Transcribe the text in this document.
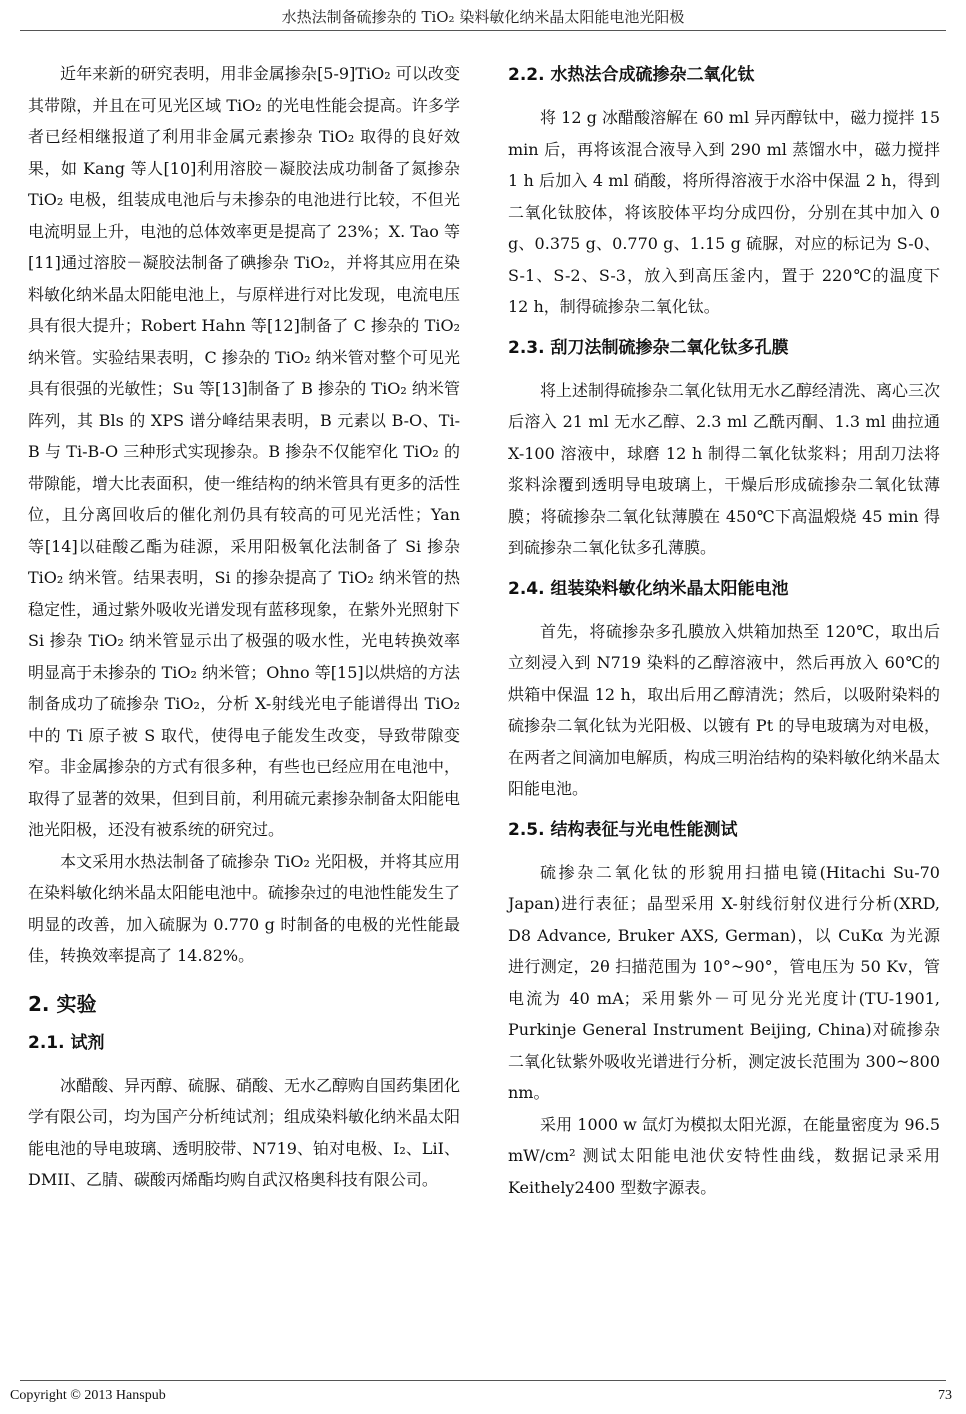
水热法制备硫掺杂的 TiO₂ 染料敏化纳米晶太阳能电池光阳极

近年来新的研究表明，用非金属掺杂[5-9]TiO₂ 可以改变其带隙，并且在可见光区域 TiO₂ 的光电性能会提高。许多学者已经相继报道了利用非金属元素掺杂 TiO₂ 取得的良好效果，如 Kang 等人[10]利用溶胶－凝胶法成功制备了氮掺杂 TiO₂ 电极，组装成电池后与未掺杂的电池进行比较，不但光电流明显上升，电池的总体效率更是提高了 23%；X. Tao 等[11]通过溶胶－凝胶法制备了碘掺杂 TiO₂，并将其应用在染料敏化纳米晶太阳能电池上，与原样进行对比发现，电流电压具有很大提升；Robert Hahn 等[12]制备了 C 掺杂的 TiO₂ 纳米管。实验结果表明，C 掺杂的 TiO₂ 纳米管对整个可见光具有很强的光敏性；Su 等[13]制备了 B 掺杂的 TiO₂ 纳米管阵列，其 Bls 的 XPS 谱分峰结果表明，B 元素以 B-O、Ti-B 与 Ti-B-O 三种形式实现掺杂。B 掺杂不仅能窄化 TiO₂ 的带隙能，增大比表面积，使一维结构的纳米管具有更多的活性位，且分离回收后的催化剂仍具有较高的可见光活性；Yan 等[14]以硅酸乙酯为硅源，采用阳极氧化法制备了 Si 掺杂 TiO₂ 纳米管。结果表明，Si 的掺杂提高了 TiO₂ 纳米管的热稳定性，通过紫外吸收光谱发现有蓝移现象，在紫外光照射下 Si 掺杂 TiO₂ 纳米管显示出了极强的吸水性，光电转换效率明显高于未掺杂的 TiO₂ 纳米管；Ohno 等[15]以烘焙的方法制备成功了硫掺杂 TiO₂，分析 X-射线光电子能谱得出 TiO₂ 中的 Ti 原子被 S 取代，使得电子能发生改变，导致带隙变窄。非金属掺杂的方式有很多种，有些也已经应用在电池中，取得了显著的效果，但到目前，利用硫元素掺杂制备太阳能电池光阳极，还没有被系统的研究过。

本文采用水热法制备了硫掺杂 TiO₂ 光阳极，并将其应用在染料敏化纳米晶太阳能电池中。硫掺杂过的电池性能发生了明显的改善，加入硫脲为 0.770 g 时制备的电极的光性能最佳，转换效率提高了 14.82%。

2. 实验
2.1. 试剂

冰醋酸、异丙醇、硫脲、硝酸、无水乙醇购自国药集团化学有限公司，均为国产分析纯试剂；组成染料敏化纳米晶太阳能电池的导电玻璃、透明胶带、N719、铂对电极、I₂、LiI、DMII、乙腈、碳酸丙烯酯均购自武汉格奥科技有限公司。

2.2. 水热法合成硫掺杂二氧化钛

将 12 g 冰醋酸溶解在 60 ml 异丙醇钛中，磁力搅拌 15 min 后，再将该混合液导入到 290 ml 蒸馏水中，磁力搅拌 1 h 后加入 4 ml 硝酸，将所得溶液于水浴中保温 2 h，得到二氧化钛胶体，将该胶体平均分成四份，分别在其中加入 0 g、0.375 g、0.770 g、1.15 g 硫脲，对应的标记为 S-0、S-1、S-2、S-3，放入到高压釜内，置于 220℃的温度下 12 h，制得硫掺杂二氧化钛。

2.3. 刮刀法制硫掺杂二氧化钛多孔膜

将上述制得硫掺杂二氧化钛用无水乙醇经清洗、离心三次后溶入 21 ml 无水乙醇、2.3 ml 乙酰丙酮、1.3 ml 曲拉通 X-100 溶液中，球磨 12 h 制得二氧化钛浆料；用刮刀法将浆料涂覆到透明导电玻璃上，干燥后形成硫掺杂二氧化钛薄膜；将硫掺杂二氧化钛薄膜在 450℃下高温煅烧 45 min 得到硫掺杂二氧化钛多孔薄膜。

2.4. 组装染料敏化纳米晶太阳能电池

首先，将硫掺杂多孔膜放入烘箱加热至 120℃，取出后立刻浸入到 N719 染料的乙醇溶液中，然后再放入 60℃的烘箱中保温 12 h，取出后用乙醇清洗；然后，以吸附染料的硫掺杂二氧化钛为光阳极、以镀有 Pt 的导电玻璃为对电极，在两者之间滴加电解质，构成三明治结构的染料敏化纳米晶太阳能电池。

2.5. 结构表征与光电性能测试

硫掺杂二氧化钛的形貌用扫描电镜(Hitachi Su-70 Japan)进行表征；晶型采用 X-射线衍射仪进行分析(XRD, D8 Advance, Bruker AXS, German)，以 CuKα 为光源进行测定，2θ 扫描范围为 10°~90°，管电压为 50 Kv，管电流为 40 mA；采用紫外－可见分光光度计(TU-1901, Purkinje General Instrument Beijing, China)对硫掺杂二氧化钛紫外吸收光谱进行分析，测定波长范围为 300~800 nm。

采用 1000 w 氙灯为模拟太阳光源，在能量密度为 96.5 mW/cm² 测试太阳能电池伏安特性曲线，数据记录采用 Keithely2400 型数字源表。

Copyright © 2013 Hanspub	73
